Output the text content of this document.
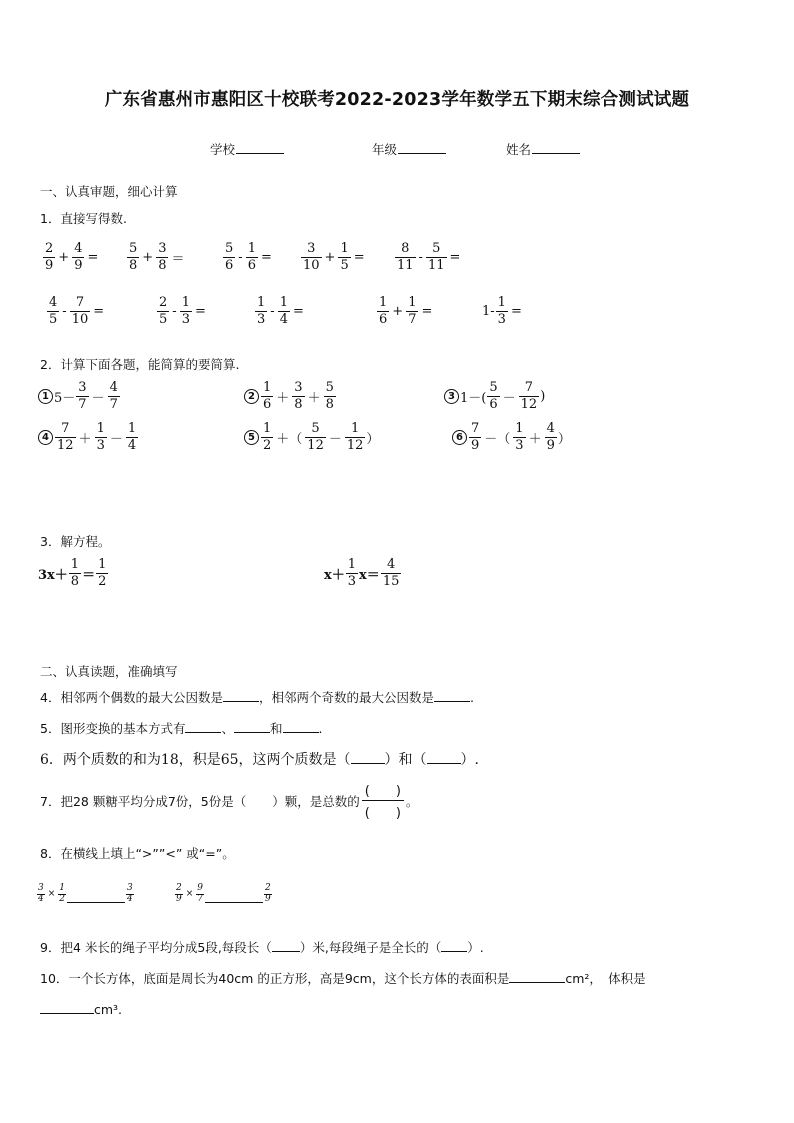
广东省惠州市惠阳区十校联考2022-2023学年数学五下期末综合测试试题
学校	年级	姓名
一、认真审题，细心计算
1．直接写得数.
$\frac{2}{9} + \frac{4}{9} = \frac{5}{8} + \frac{3}{8}$ ＝	$\frac{5}{6} - \frac{1}{6} = \frac{3}{10} + \frac{1}{5} = \frac{8}{11} - \frac{5}{11}$ =
$\frac{4}{5} - \frac{7}{10}$ =	$\frac{2}{5} - \frac{1}{3}$ =	$\frac{1}{3} - \frac{1}{4}$ =	$\frac{1}{6} + \frac{1}{7}$ =	$1- \frac{1}{3}$ =
2．计算下面各题，能简算的要简算.
1 $5- \frac{3}{7} - \frac{4}{7}$	$2 \frac{1}{6} + \frac{3}{8} + \frac{5}{8}$	3 $1-( \frac{5}{6} - \frac{7}{12}$ )
$4 \frac{7}{12} + \frac{1}{3} - \frac{1}{4}$	$5 \frac{1}{2}$ ＋（ $\frac{5}{12} - \frac{1}{12}$ ）	$6 \frac{7}{9}$ －（ $\frac{1}{3} + \frac{4}{9}$ ）
3．解方程。
$3x+ \frac{1}{8} = \frac{1}{2}$	$x+ \frac{1}{3} x= \frac{4}{15}$
二、认真读题，准确填写
4．相邻两个偶数的最大公因数是	，相邻两个奇数的最大公因数是	.
5．图形变换的基本方式有	、	和	.
6．两个质数的和为18，积是65，这两个质数是（ ）和（ ）.
7．把28 颗糖平均分成7份，5份是（ ）颗，是总数的 $\frac{( )}{( )}$ 。
8．在横线上填上“>””<” 或“=”。
$\frac{3}{4} \times \frac{1}{2}$	$\frac{3}{4}$	$\frac{2}{9} \times \frac{9}{7}$	$\frac{2}{9}$
9．把4 米长的绳子平均分成5段,每段长（ ）米,每段绳子是全长的（ ）.
10．一个长方体，底面是周长为40cm 的正方形，高是9cm，这个长方体的表面积是	cm²，　体积是
cm³.
